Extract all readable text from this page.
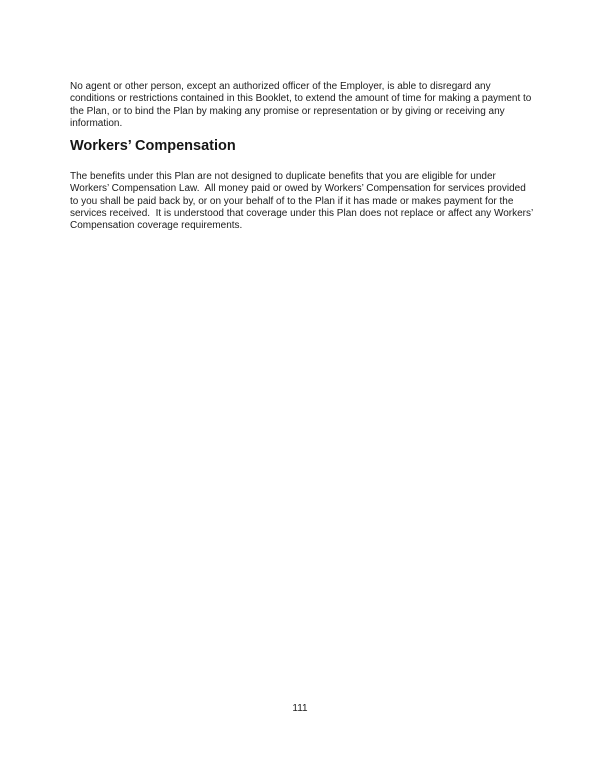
No agent or other person, except an authorized officer of the Employer, is able to disregard any
conditions or restrictions contained in this Booklet, to extend the amount of time for making a payment to
the Plan, or to bind the Plan by making any promise or representation or by giving or receiving any
information.
Workers’ Compensation
The benefits under this Plan are not designed to duplicate benefits that you are eligible for under
Workers’ Compensation Law.  All money paid or owed by Workers’ Compensation for services provided
to you shall be paid back by, or on your behalf of to the Plan if it has made or makes payment for the
services received.  It is understood that coverage under this Plan does not replace or affect any Workers’
Compensation coverage requirements.
111
